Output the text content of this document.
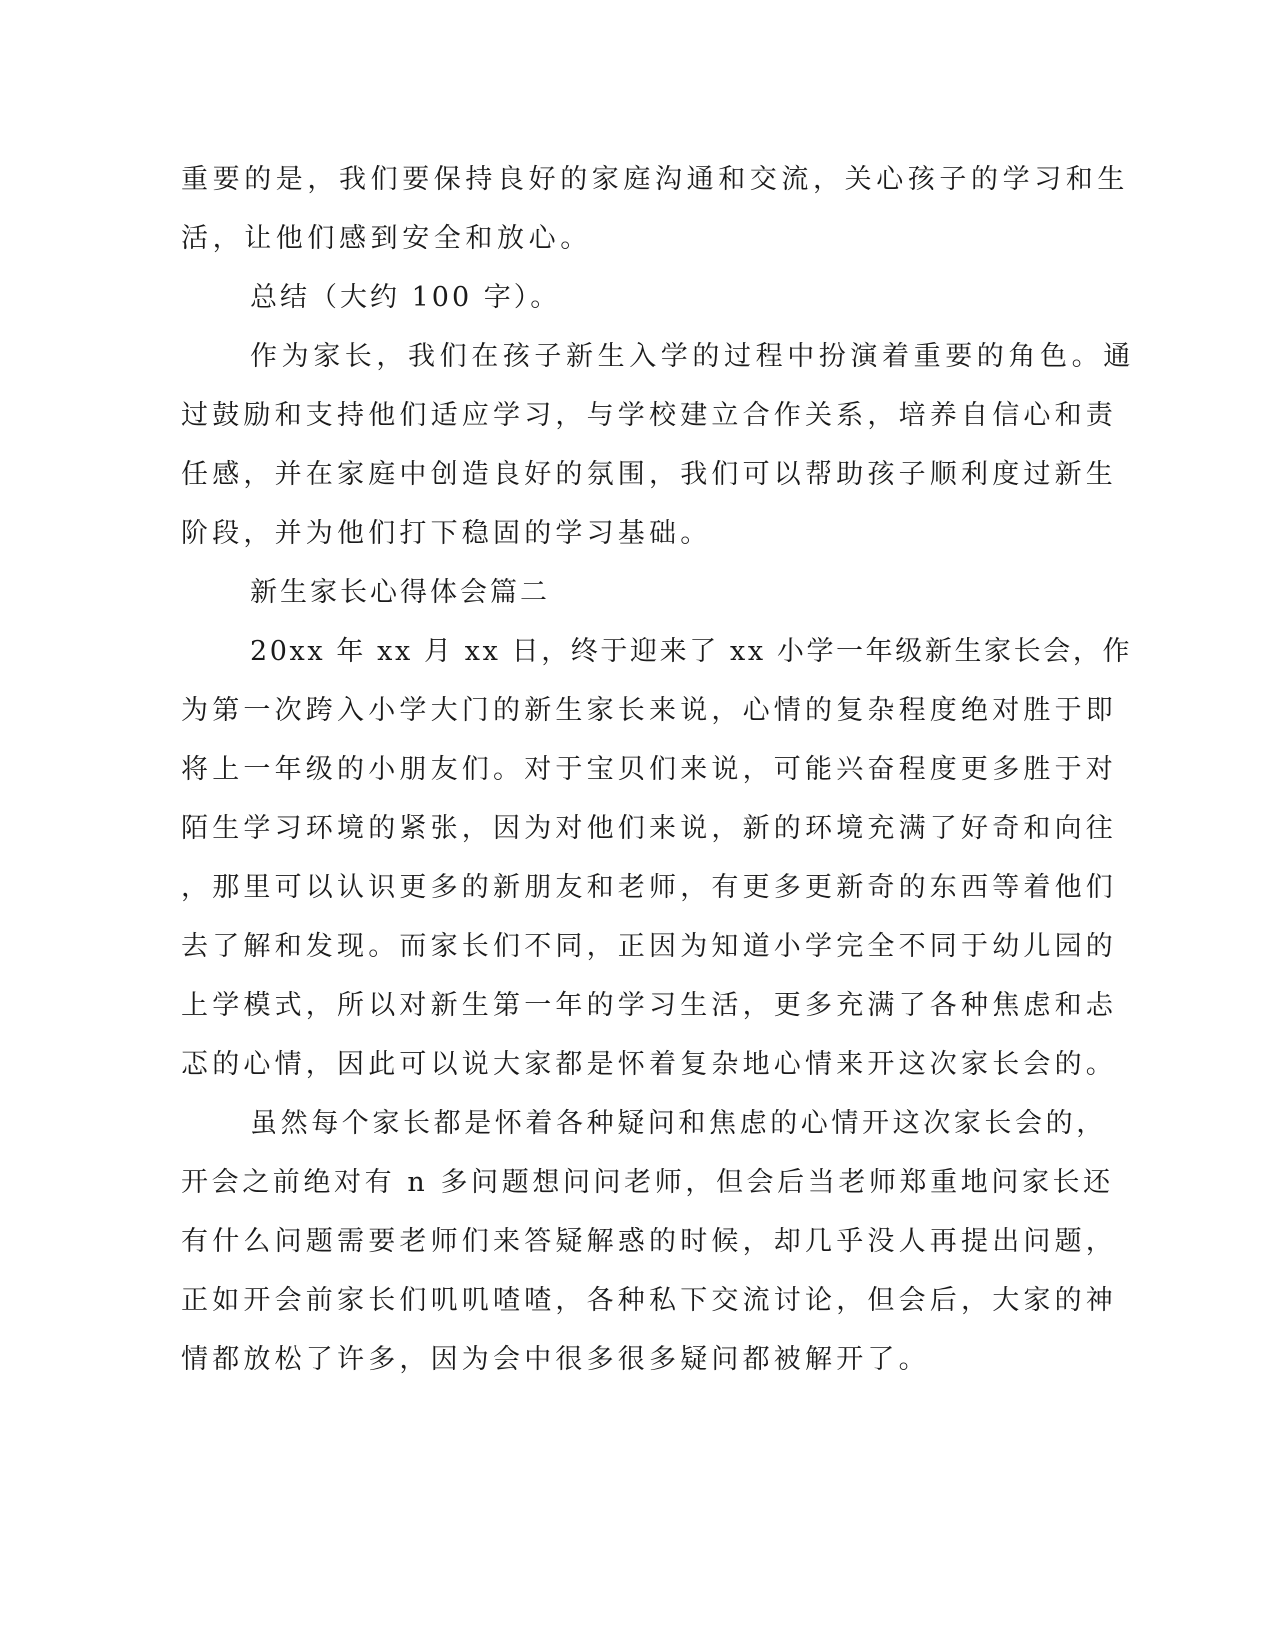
重要的是，我们要保持良好的家庭沟通和交流，关心孩子的学习和生

活，让他们感到安全和放心。

总结（大约 100 字）。

作为家长，我们在孩子新生入学的过程中扮演着重要的角色。通

过鼓励和支持他们适应学习，与学校建立合作关系，培养自信心和责

任感，并在家庭中创造良好的氛围，我们可以帮助孩子顺利度过新生

阶段，并为他们打下稳固的学习基础。

新生家长心得体会篇二

20xx 年 xx 月 xx 日，终于迎来了 xx 小学一年级新生家长会，作

为第一次跨入小学大门的新生家长来说，心情的复杂程度绝对胜于即

将上一年级的小朋友们。对于宝贝们来说，可能兴奋程度更多胜于对

陌生学习环境的紧张，因为对他们来说，新的环境充满了好奇和向往

，那里可以认识更多的新朋友和老师，有更多更新奇的东西等着他们

去了解和发现。而家长们不同，正因为知道小学完全不同于幼儿园的

上学模式，所以对新生第一年的学习生活，更多充满了各种焦虑和忐

忑的心情，因此可以说大家都是怀着复杂地心情来开这次家长会的。

虽然每个家长都是怀着各种疑问和焦虑的心情开这次家长会的，

开会之前绝对有 n 多问题想问问老师，但会后当老师郑重地问家长还

有什么问题需要老师们来答疑解惑的时候，却几乎没人再提出问题，

正如开会前家长们叽叽喳喳，各种私下交流讨论，但会后，大家的神

情都放松了许多，因为会中很多很多疑问都被解开了。
